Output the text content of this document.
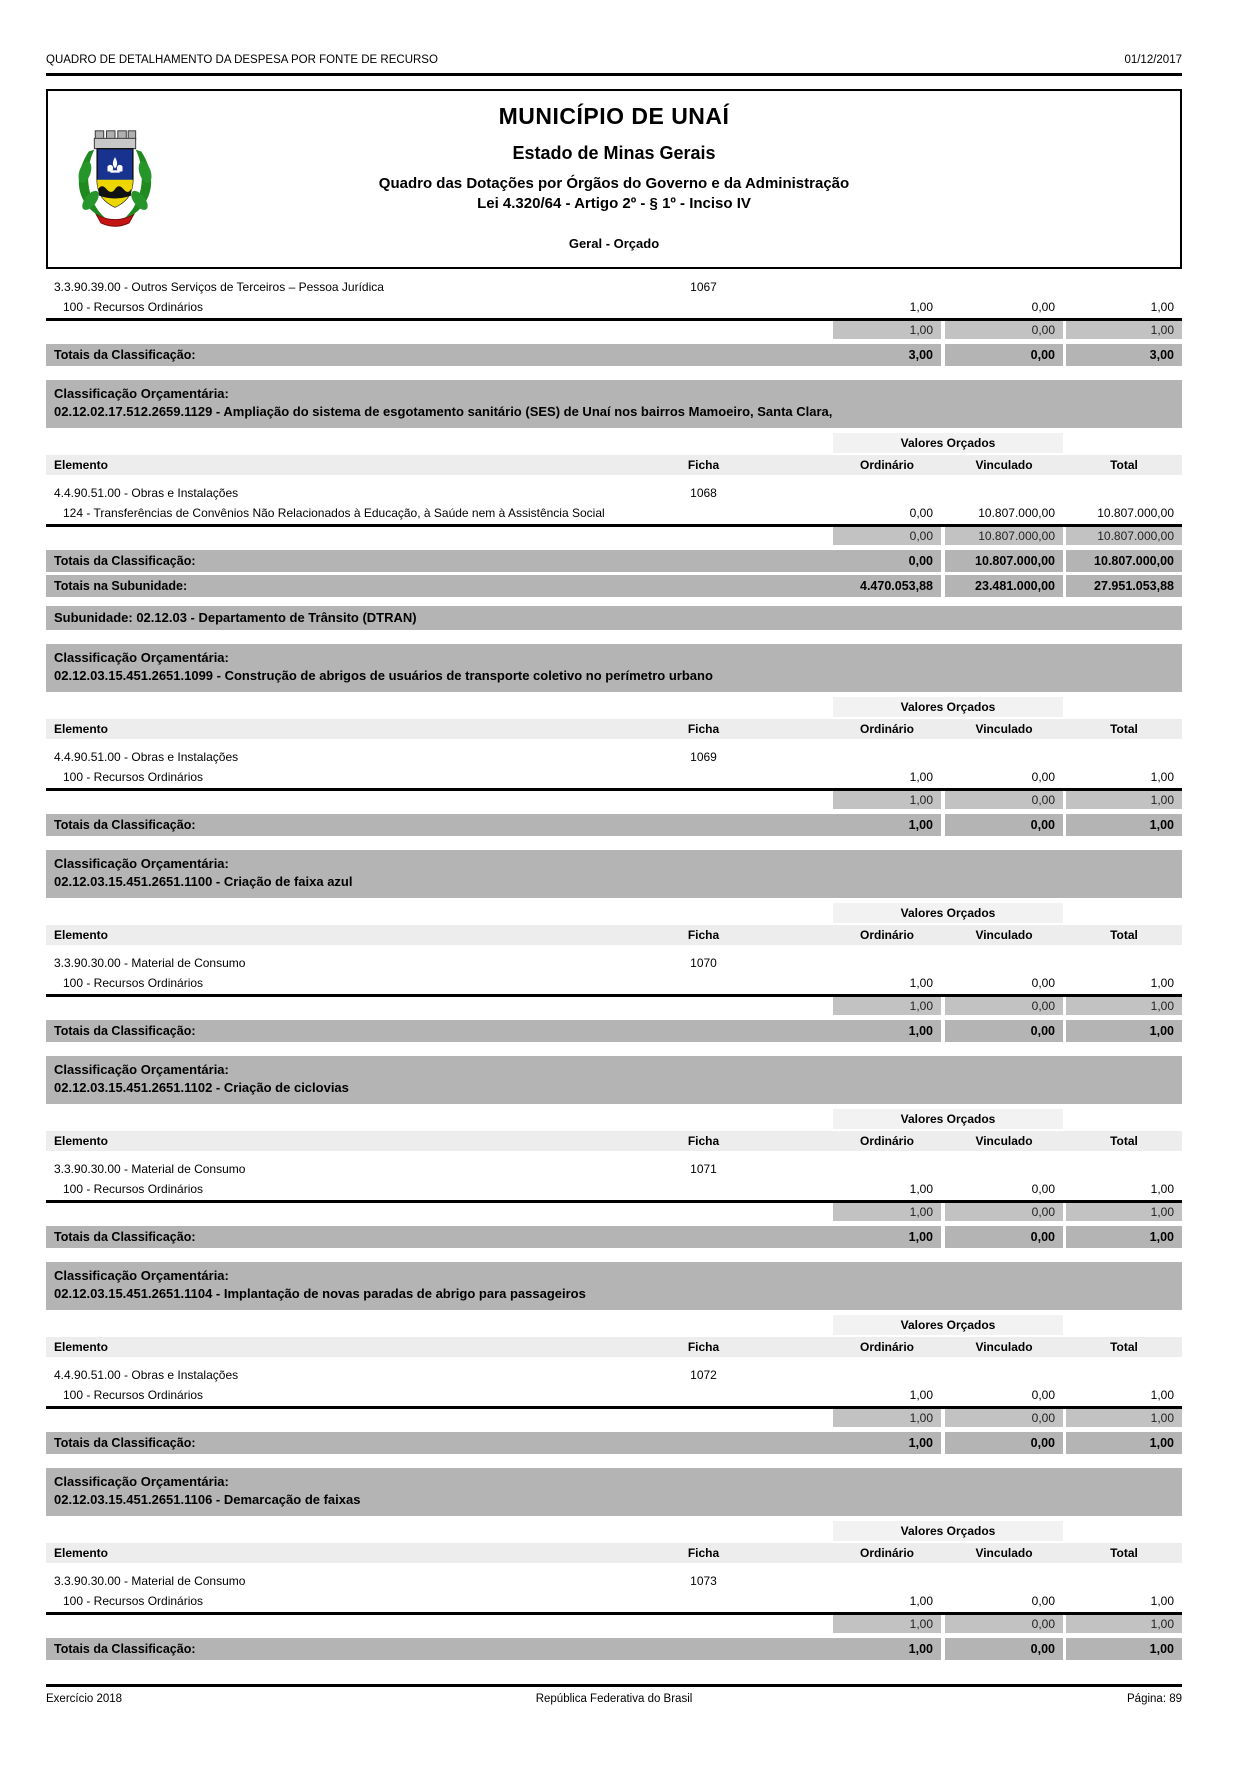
QUADRO DE DETALHAMENTO DA DESPESA POR FONTE DE RECURSO	01/12/2017
MUNICÍPIO DE UNAÍ
Estado de Minas Gerais
Quadro das Dotações por Órgãos do Governo e da Administração
Lei 4.320/64 - Artigo 2º - § 1º - Inciso IV
Geral - Orçado
3.3.90.39.00 - Outros Serviços de Terceiros – Pessoa Jurídica	1067
100 - Recursos Ordinários	1,00	0,00	1,00
1,00	0,00	1,00
Totais da Classificação:	3,00	0,00	3,00
Classificação Orçamentária:
02.12.02.17.512.2659.1129 - Ampliação do sistema de esgotamento sanitário (SES) de Unaí nos bairros Mamoeiro, Santa Clara,
Valores Orçados
Elemento	Ficha	Ordinário	Vinculado	Total
4.4.90.51.00 - Obras e Instalações	1068
124 - Transferências de Convênios Não Relacionados à Educação, à Saúde nem à Assistência Social	0,00	10.807.000,00	10.807.000,00
0,00	10.807.000,00	10.807.000,00
Totais da Classificação:	0,00	10.807.000,00	10.807.000,00
Totais na Subunidade:	4.470.053,88	23.481.000,00	27.951.053,88
Subunidade: 02.12.03 - Departamento de Trânsito (DTRAN)
Classificação Orçamentária:
02.12.03.15.451.2651.1099 - Construção de abrigos de usuários de transporte coletivo no perímetro urbano
Valores Orçados
Elemento	Ficha	Ordinário	Vinculado	Total
4.4.90.51.00 - Obras e Instalações	1069
100 - Recursos Ordinários	1,00	0,00	1,00
1,00	0,00	1,00
Totais da Classificação:	1,00	0,00	1,00
Classificação Orçamentária:
02.12.03.15.451.2651.1100 - Criação de faixa azul
Valores Orçados
Elemento	Ficha	Ordinário	Vinculado	Total
3.3.90.30.00 - Material de Consumo	1070
100 - Recursos Ordinários	1,00	0,00	1,00
1,00	0,00	1,00
Totais da Classificação:	1,00	0,00	1,00
Classificação Orçamentária:
02.12.03.15.451.2651.1102 - Criação de ciclovias
Valores Orçados
Elemento	Ficha	Ordinário	Vinculado	Total
3.3.90.30.00 - Material de Consumo	1071
100 - Recursos Ordinários	1,00	0,00	1,00
1,00	0,00	1,00
Totais da Classificação:	1,00	0,00	1,00
Classificação Orçamentária:
02.12.03.15.451.2651.1104 - Implantação de novas paradas de abrigo para passageiros
Valores Orçados
Elemento	Ficha	Ordinário	Vinculado	Total
4.4.90.51.00 - Obras e Instalações	1072
100 - Recursos Ordinários	1,00	0,00	1,00
1,00	0,00	1,00
Totais da Classificação:	1,00	0,00	1,00
Classificação Orçamentária:
02.12.03.15.451.2651.1106 - Demarcação de faixas
Valores Orçados
Elemento	Ficha	Ordinário	Vinculado	Total
3.3.90.30.00 - Material de Consumo	1073
100 - Recursos Ordinários	1,00	0,00	1,00
1,00	0,00	1,00
Totais da Classificação:	1,00	0,00	1,00
Exercício 2018	República Federativa do Brasil	Página: 89
